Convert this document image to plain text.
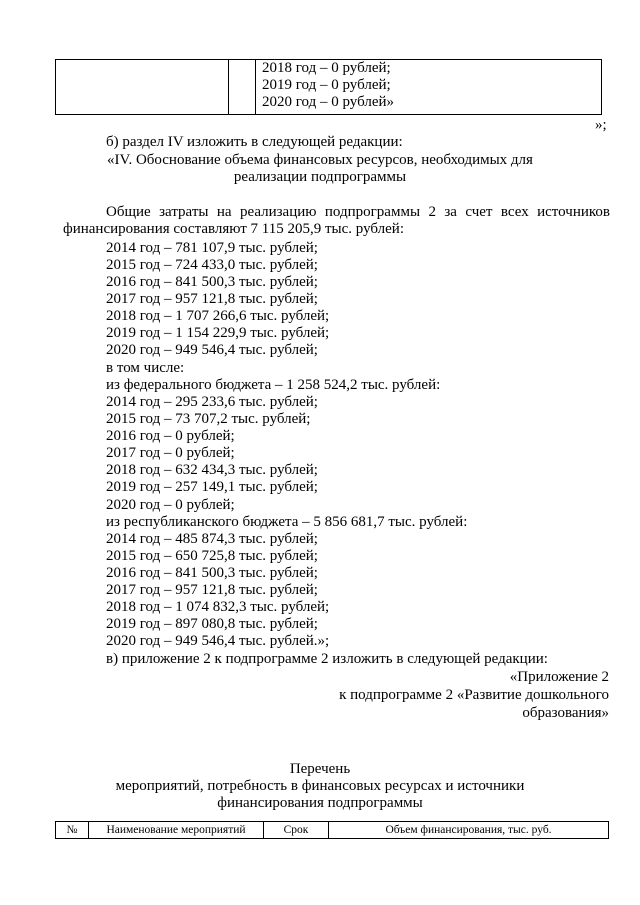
2018 год – 0 рублей;
2019 год – 0 рублей;
2020 год – 0 рублей»
»;
б) раздел IV изложить в следующей редакции:
«IV. Обоснование объема финансовых ресурсов, необходимых для
реализации подпрограммы
Общие затраты на реализацию подпрограммы 2 за счет всех источников
финансирования составляют 7 115 205,9 тыс. рублей:
2014 год – 781 107,9 тыс. рублей;
2015 год – 724 433,0 тыс. рублей;
2016 год – 841 500,3 тыс. рублей;
2017 год – 957 121,8 тыс. рублей;
2018 год – 1 707 266,6 тыс. рублей;
2019 год – 1 154 229,9 тыс. рублей;
2020 год – 949 546,4 тыс. рублей;
в том числе:
из федерального бюджета – 1 258 524,2 тыс. рублей:
2014 год – 295 233,6 тыс. рублей;
2015 год – 73 707,2 тыс. рублей;
2016 год – 0 рублей;
2017 год – 0 рублей;
2018 год – 632 434,3 тыс. рублей;
2019 год – 257 149,1 тыс. рублей;
2020 год – 0 рублей;
из республиканского бюджета – 5 856 681,7 тыс. рублей:
2014 год – 485 874,3 тыс. рублей;
2015 год – 650 725,8 тыс. рублей;
2016 год – 841 500,3 тыс. рублей;
2017 год – 957 121,8 тыс. рублей;
2018 год – 1 074 832,3 тыс. рублей;
2019 год – 897 080,8 тыс. рублей;
2020 год – 949 546,4 тыс. рублей.»;
в) приложение 2 к подпрограмме 2 изложить в следующей редакции:
«Приложение 2
к подпрограмме 2 «Развитие дошкольного
образования»
Перечень
мероприятий, потребность в финансовых ресурсах и источники
финансирования подпрограммы
№	Наименование мероприятий	Срок	Объем финансирования, тыс. руб.
